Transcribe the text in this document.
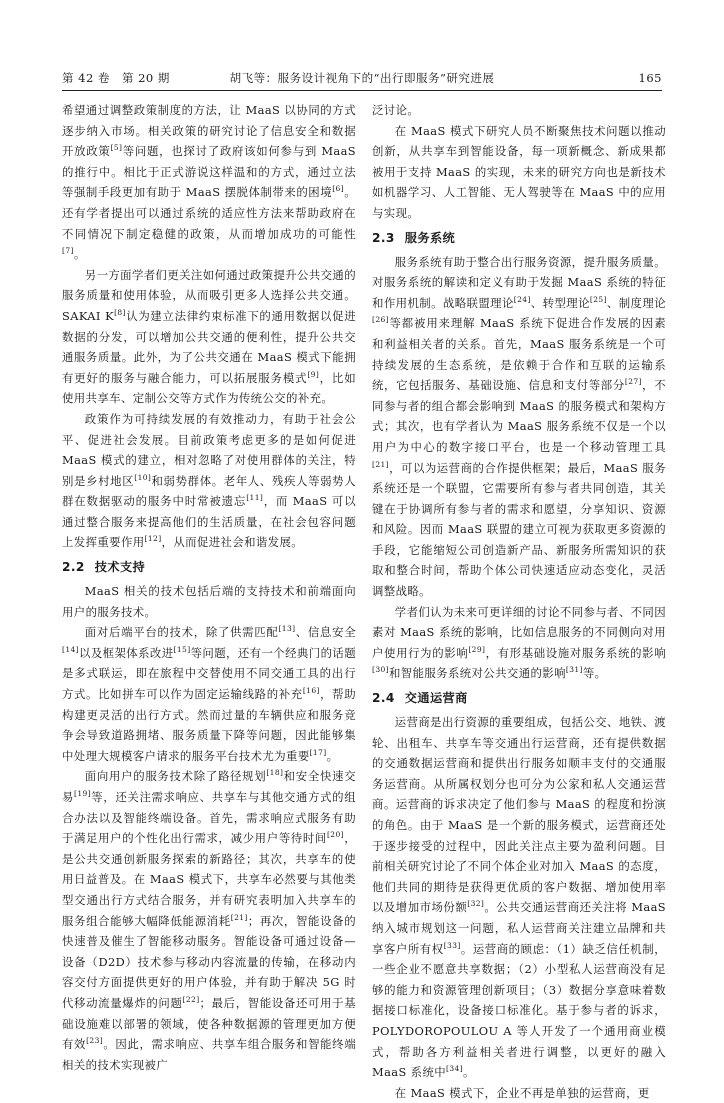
第 42 卷　第 20 期	胡飞等：服务设计视角下的“出行即服务”研究进展	165

希望通过调整政策制度的方法，让 MaaS 以协同的方式逐步纳入市场。相关政策的研究讨论了信息安全和数据开放政策[5]等问题，也探讨了政府该如何参与到 MaaS 的推行中。相比于正式游说这样温和的方式，通过立法等强制手段更加有助于 MaaS 摆脱体制带来的困境[6]。还有学者提出可以通过系统的适应性方法来帮助政府在不同情况下制定稳健的政策，从而增加成功的可能性[7]。

另一方面学者们更关注如何通过政策提升公共交通的服务质量和使用体验，从而吸引更多人选择公共交通。SAKAI K[8]认为建立法律约束标准下的通用数据以促进数据的分发，可以增加公共交通的便利性，提升公共交通服务质量。此外，为了公共交通在 MaaS 模式下能拥有更好的服务与融合能力，可以拓展服务模式[9]，比如使用共享车、定制公交等方式作为传统公交的补充。

政策作为可持续发展的有效推动力，有助于社会公平、促进社会发展。目前政策考虑更多的是如何促进 MaaS 模式的建立，相对忽略了对使用群体的关注，特别是乡村地区[10]和弱势群体。老年人、残疾人等弱势人群在数据驱动的服务中时常被遗忘[11]，而 MaaS 可以通过整合服务来提高他们的生活质量，在社会包容问题上发挥重要作用[12]，从而促进社会和谐发展。

2.2 技术支持

MaaS 相关的技术包括后端的支持技术和前端面向用户的服务技术。

面对后端平台的技术，除了供需匹配[13]、信息安全[14]以及框架体系改进[15]等问题，还有一个经典门的话题是多式联运，即在旅程中交替使用不同交通工具的出行方式。比如拼车可以作为固定运输线路的补充[16]，帮助构建更灵活的出行方式。然而过量的车辆供应和服务竞争会导致道路拥堵、服务质量下降等问题，因此能够集中处理大规模客户请求的服务平台技术尤为重要[17]。

面向用户的服务技术除了路径规划[18]和安全快速交易[19]等，还关注需求响应、共享车与其他交通方式的组合办法以及智能终端设备。首先，需求响应式服务有助于满足用户的个性化出行需求，减少用户等待时间[20]，是公共交通创新服务探索的新路径；其次，共享车的使用日益普及。在 MaaS 模式下，共享车必然要与其他类型交通出行方式结合服务，并有研究表明加入共享车的服务组合能够大幅降低能源消耗[21]；再次，智能设备的快速普及催生了智能移动服务。智能设备可通过设备—设备（D2D）技术参与移动内容流量的传输，在移动内容交付方面提供更好的用户体验，并有助于解决 5G 时代移动流量爆炸的问题[22]；最后，智能设备还可用于基础设施难以部署的领域，使各种数据源的管理更加方便有效[23]。因此，需求响应、共享车组合服务和智能终端相关的技术实现被广

泛讨论。

在 MaaS 模式下研究人员不断聚焦技术问题以推动创新，从共享车到智能设备，每一项新概念、新成果都被用于支持 MaaS 的实现，未来的研究方向也是新技术如机器学习、人工智能、无人驾驶等在 MaaS 中的应用与实现。

2.3 服务系统

服务系统有助于整合出行服务资源，提升服务质量。对服务系统的解读和定义有助于发掘 MaaS 系统的特征和作用机制。战略联盟理论[24]、转型理论[25]、制度理论[26]等都被用来理解 MaaS 系统下促进合作发展的因素和利益相关者的关系。首先，MaaS 服务系统是一个可持续发展的生态系统，是依赖于合作和互联的运输系统，它包括服务、基础设施、信息和支付等部分[27]，不同参与者的组合都会影响到 MaaS 的服务模式和架构方式；其次，也有学者认为 MaaS 服务系统不仅是一个以用户为中心的数字接口平台，也是一个移动管理工具[21]，可以为运营商的合作提供框架；最后，MaaS 服务系统还是一个联盟，它需要所有参与者共同创造，其关键在于协调所有参与者的需求和愿望，分享知识、资源和风险。因而 MaaS 联盟的建立可视为获取更多资源的手段，它能缩短公司创造新产品、新服务所需知识的获取和整合时间，帮助个体公司快速适应动态变化，灵活调整战略。

学者们认为未来可更详细的讨论不同参与者、不同因素对 MaaS 系统的影响，比如信息服务的不同侧向对用户使用行为的影响[29]，有形基础设施对服务系统的影响[30]和智能服务系统对公共交通的影响[31]等。

2.4 交通运营商

运营商是出行资源的重要组成，包括公交、地铁、渡轮、出租车、共享车等交通出行运营商，还有提供数据的交通数据运营商和提供出行服务如顺丰支付的交通服务运营商。从所属权划分也可分为公家和私人交通运营商。运营商的诉求决定了他们参与 MaaS 的程度和扮演的角色。由于 MaaS 是一个新的服务模式，运营商还处于逐步接受的过程中，因此关注点主要为盈利问题。目前相关研究讨论了不同个体企业对加入 MaaS 的态度，他们共同的期待是获得更优质的客户数据、增加使用率以及增加市场份额[32]。公共交通运营商还关注将 MaaS 纳入城市规划这一问题，私人运营商关注建立品牌和共享客户所有权[33]。运营商的顾虑：（1）缺乏信任机制，一些企业不愿意共享数据；（2）小型私人运营商没有足够的能力和资源管理创新项目；（3）数据分享意味着数据接口标准化，设备接口标准化。基于参与者的诉求，POLYDOROPOULOU A 等人开发了一个通用商业模式，帮助各方利益相关者进行调整，以更好的融入 MaaS 系统中[34]。

在 MaaS 模式下，企业不再是单独的运营商，更
